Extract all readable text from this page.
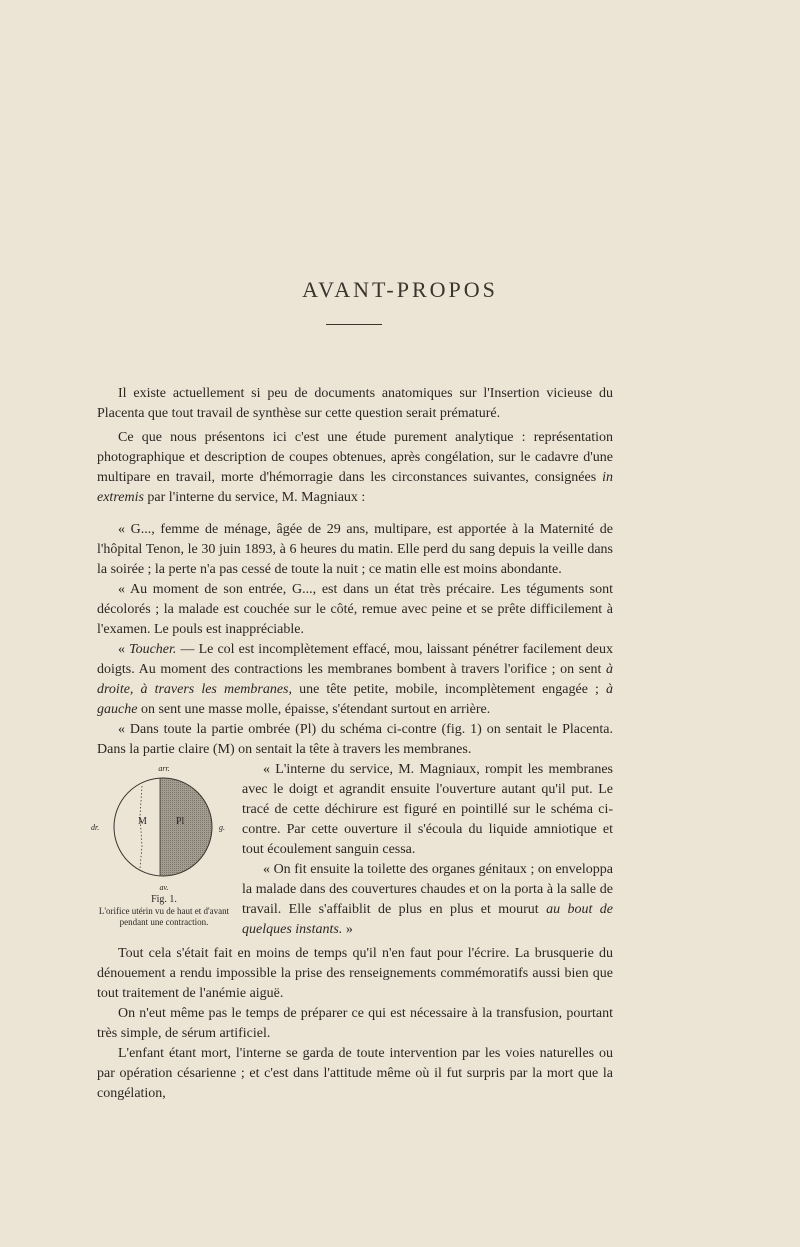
AVANT-PROPOS

Il existe actuellement si peu de documents anatomiques sur l'Insertion vicieuse du Placenta que tout travail de synthèse sur cette question serait prématuré.

Ce que nous présentons ici c'est une étude purement analytique : représentation photographique et description de coupes obtenues, après congélation, sur le cadavre d'une multipare en travail, morte d'hémorragie dans les circonstances suivantes, consignées in extremis par l'interne du service, M. Magniaux :

« G..., femme de ménage, âgée de 29 ans, multipare, est apportée à la Maternité de l'hôpital Tenon, le 30 juin 1893, à 6 heures du matin. Elle perd du sang depuis la veille dans la soirée ; la perte n'a pas cessé de toute la nuit ; ce matin elle est moins abondante.

« Au moment de son entrée, G..., est dans un état très précaire. Les téguments sont décolorés ; la malade est couchée sur le côté, remue avec peine et se prête difficilement à l'examen. Le pouls est inappréciable.

« Toucher. — Le col est incomplètement effacé, mou, laissant pénétrer facilement deux doigts. Au moment des contractions les membranes bombent à travers l'orifice ; on sent à droite, à travers les membranes, une tête petite, mobile, incomplètement engagée ; à gauche on sent une masse molle, épaisse, s'étendant surtout en arrière.

« Dans toute la partie ombrée (Pl) du schéma ci-contre (fig. 1) on sentait le Placenta. Dans la partie claire (M) on sentait la tête à travers les membranes.

arr.
dr.
M	Pl
g.
av.
Fig. 1.
L'orifice utérin vu de haut et d'avant pendant une contraction.

« L'interne du service, M. Magniaux, rompit les membranes avec le doigt et agrandit ensuite l'ouverture autant qu'il put. Le tracé de cette déchirure est figuré en pointillé sur le schéma ci-contre. Par cette ouverture il s'écoula du liquide amniotique et tout écoulement sanguin cessa.

« On fit ensuite la toilette des organes génitaux ; on enveloppa la malade dans des couvertures chaudes et on la porta à la salle de travail. Elle s'affaiblit de plus en plus et mourut au bout de quelques instants. »

Tout cela s'était fait en moins de temps qu'il n'en faut pour l'écrire. La brusquerie du dénouement a rendu impossible la prise des renseignements commémoratifs aussi bien que tout traitement de l'anémie aiguë.

On n'eut même pas le temps de préparer ce qui est nécessaire à la transfusion, pourtant très simple, de sérum artificiel.

L'enfant étant mort, l'interne se garda de toute intervention par les voies naturelles ou par opération césarienne ; et c'est dans l'attitude même où il fut surpris par la mort que la congélation,
